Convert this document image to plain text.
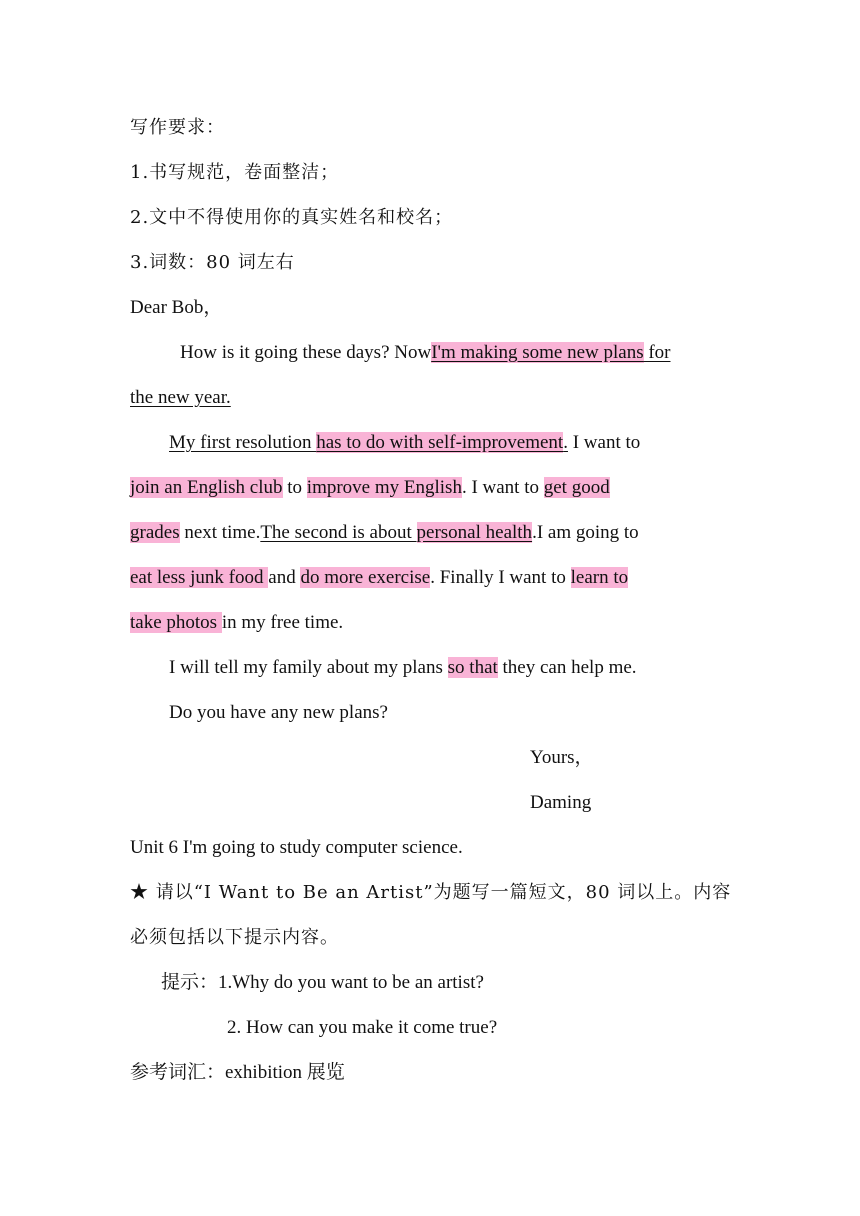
写作要求：
1.书写规范，卷面整洁；
2.文中不得使用你的真实姓名和校名；
3.词数：80 词左右
Dear Bob，
How is it going these days? NowI'm making some new plans for
the new year.
My first resolution has to do with self-improvement. I want to
join an English club to improve my English. I want to get good
grades next time.The second is about personal health.I am going to
eat less junk food and do more exercise. Finally I want to learn to
take photos in my free time.
I will tell my family about my plans so that they can help me.
Do you have any new plans?
Yours，
Daming
Unit 6 I'm going to study computer science.
★ 请以“I Want to Be an Artist”为题写一篇短文，80 词以上。内容
必须包括以下提示内容。
提示：1.Why do you want to be an artist?
2. How can you make it come true?
参考词汇：exhibition 展览
